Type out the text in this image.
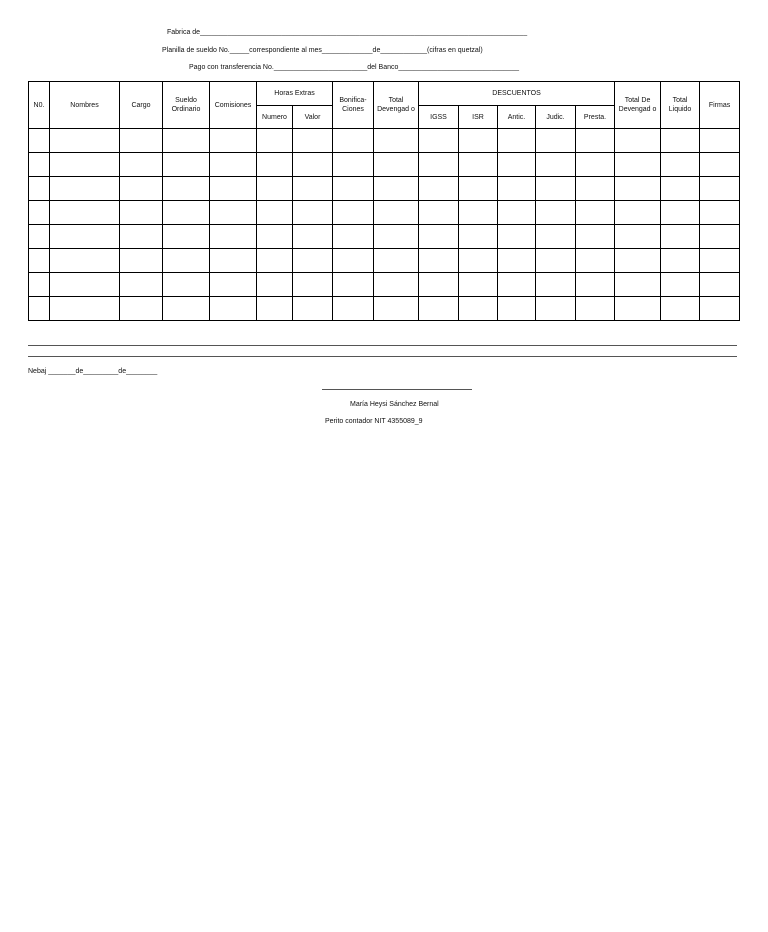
Fabrica de____________________________________________________________________________________
Planilla de sueldo No._____correspondiente al mes_____________de____________(cifras en quetzal)
Pago con transferencia No.________________________del Banco_______________________________
N0.	Nombres	Cargo	Sueldo Ordinario	Comisiones	Horas Extras		Bonifica- Ciones	Total Devengad o	DESCUENTOS					Total De Devengad o	Total Liquido	Firmas
					Numero	Valor			IGSS	ISR	Antic.	Judic.	Presta.			

Nebaj _______de_________de________
María Heysi Sánchez Bernal
Perito contador NIT 4355089_9
